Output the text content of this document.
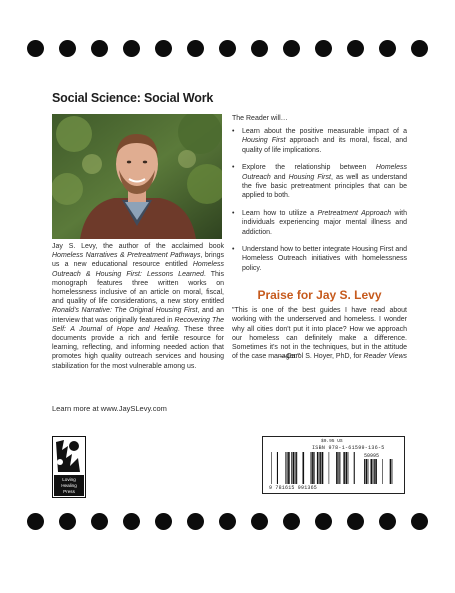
Social Science: Social Work

Jay S. Levy, the author of the acclaimed book Homeless Narratives & Pretreatment Pathways, brings us a new educational resource entitled Homeless Outreach & Housing First: Lessons Learned. This monograph features three written works on homelessness inclusive of an article on moral, fiscal, and quality of life considerations, a new story entitled Ronald's Narrative: The Original Housing First, and an interview that was originally featured in Recovering The Self: A Journal of Hope and Healing. These three documents provide a rich and fertile resource for learning, reflecting, and informing needed action that promotes high quality outreach services and housing stabilization for the most vulnerable among us.

The Reader will…
• Learn about the positive measurable impact of a Housing First approach and its moral, fiscal, and quality of life implications.
• Explore the relationship between Homeless Outreach and Housing First, as well as understand the five basic pretreatment principles that can be applied to both.
• Learn how to utilize a Pretreatment Approach with individuals experiencing major mental illness and addiction.
• Understand how to better integrate Housing First and Homeless Outreach initiatives with homelessness policy.
Praise for Jay S. Levy

"This is one of the best guides I have read about working with the underserved and homeless. I wonder why all cities don't put it into place? How we approach our homeless can definitely make a difference. Sometimes it's not in the techniques, but in the attitude of the case manager."

—Carol S. Hoyer, PhD, for Reader Views

Learn more at www.JaySLevy.com
Loving
Healing
Press
$9.95 US
ISBN 978-1-61599-136-5
50995
9 781615 991365
